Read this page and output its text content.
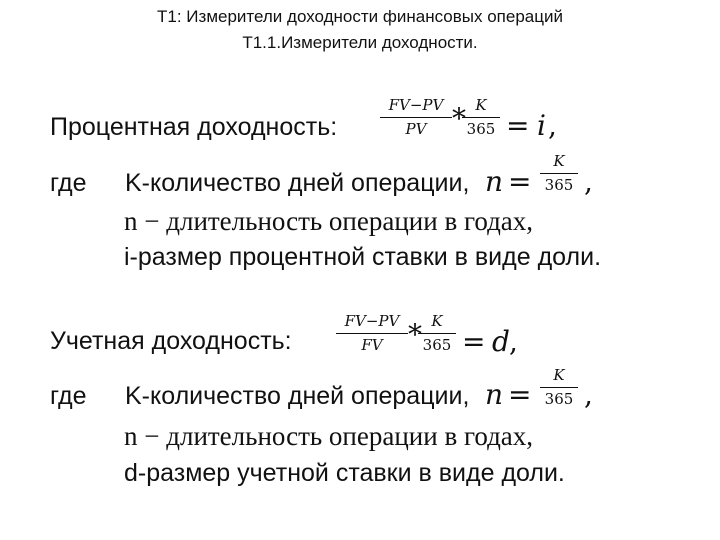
Т1: Измерители доходности финансовых операций
Т1.1.Измерители доходности.
Процентная доходность:
FV−PV
PV * K
365 = i ,
где K-количество дней операции, n =
K
365 ,
n − длительность операции в годах,
i-размер процентной ставки в виде доли.
Учетная доходность:
FV−PV
FV * K
365 = d ,
где K-количество дней операции, n =
K
365 ,
n − длительность операции в годах,
d-размер учетной ставки в виде доли.
